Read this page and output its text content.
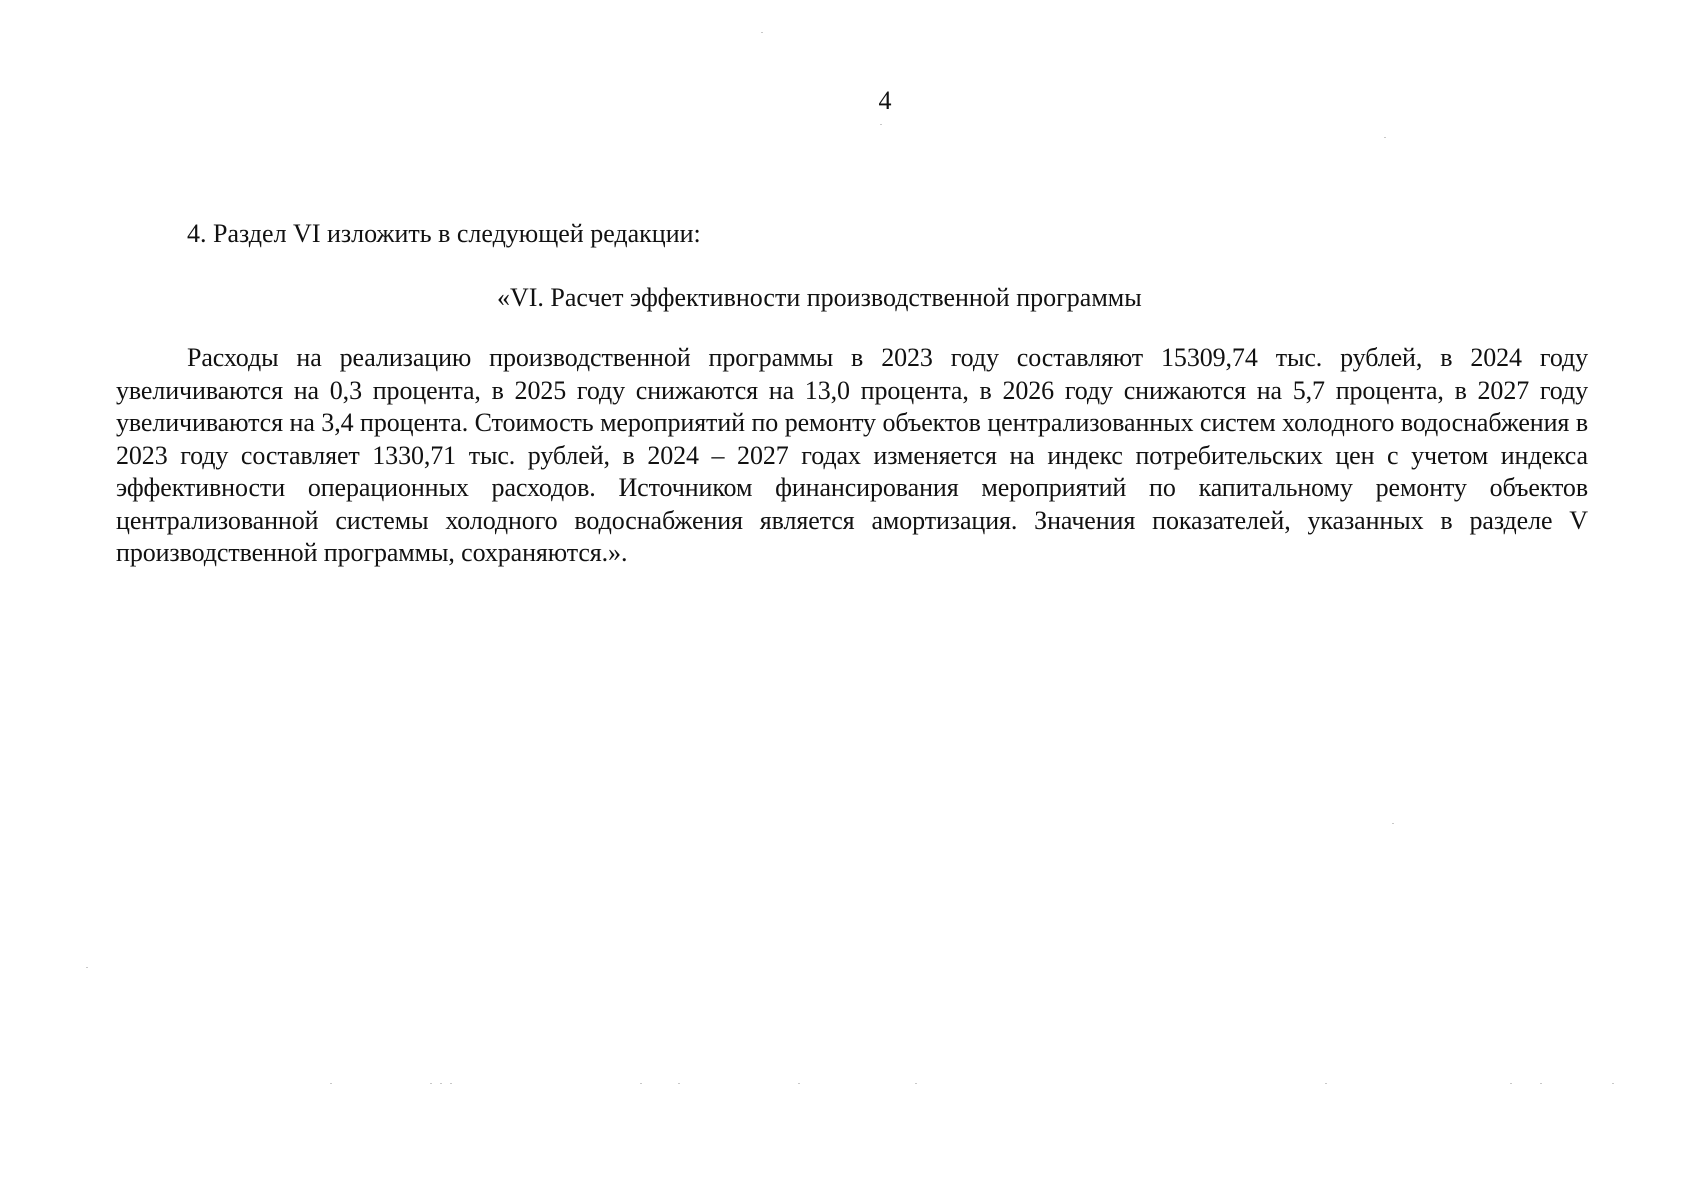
4

4. Раздел VI изложить в следующей редакции:

«VI. Расчет эффективности производственной программы

Расходы на реализацию производственной программы в 2023 году составляют 15309,74 тыс. рублей, в 2024 году увеличиваются на 0,3 процента, в 2025 году снижаются на 13,0 процента, в 2026 году снижаются на 5,7 процента, в 2027 году увеличиваются на 3,4 процента. Стоимость мероприятий по ремонту объектов централизованных систем холодного водоснабжения в 2023 году составляет 1330,71 тыс. рублей, в 2024 – 2027 годах изменяется на индекс потребительских цен с учетом индекса эффективности операционных расходов. Источником финансирования мероприятий по капитальному ремонту объектов централизованной системы холодного водоснабжения является амортизация. Значения показателей, указанных в разделе V производственной программы, сохраняются.».
